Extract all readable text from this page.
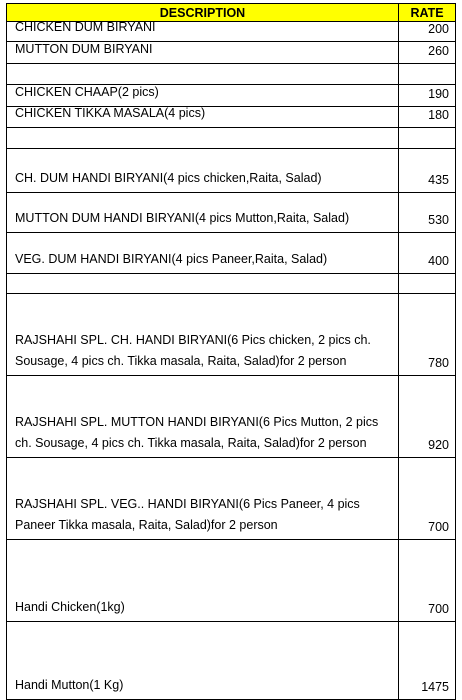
DESCRIPTION	RATE
CHICKEN DUM BIRYANI	200
MUTTON DUM BIRYANI	260
CHICKEN CHAAP(2 pics)	190
CHICKEN TIKKA MASALA(4 pics)	180
CH. DUM HANDI BIRYANI(4 pics chicken,Raita, Salad)	435
MUTTON DUM HANDI BIRYANI(4 pics Mutton,Raita, Salad)	530
VEG. DUM HANDI BIRYANI(4 pics Paneer,Raita, Salad)	400
RAJSHAHI SPL. CH. HANDI BIRYANI(6 Pics chicken, 2 pics ch. Sousage, 4 pics ch. Tikka masala, Raita, Salad)for 2 person	780
RAJSHAHI SPL. MUTTON HANDI BIRYANI(6 Pics Mutton, 2 pics ch. Sousage, 4 pics ch. Tikka masala, Raita, Salad)for 2 person	920
RAJSHAHI SPL. VEG.. HANDI BIRYANI(6 Pics Paneer, 4 pics Paneer Tikka masala, Raita, Salad)for 2 person	700
Handi Chicken(1kg)	700
Handi Mutton(1 Kg)	1475
